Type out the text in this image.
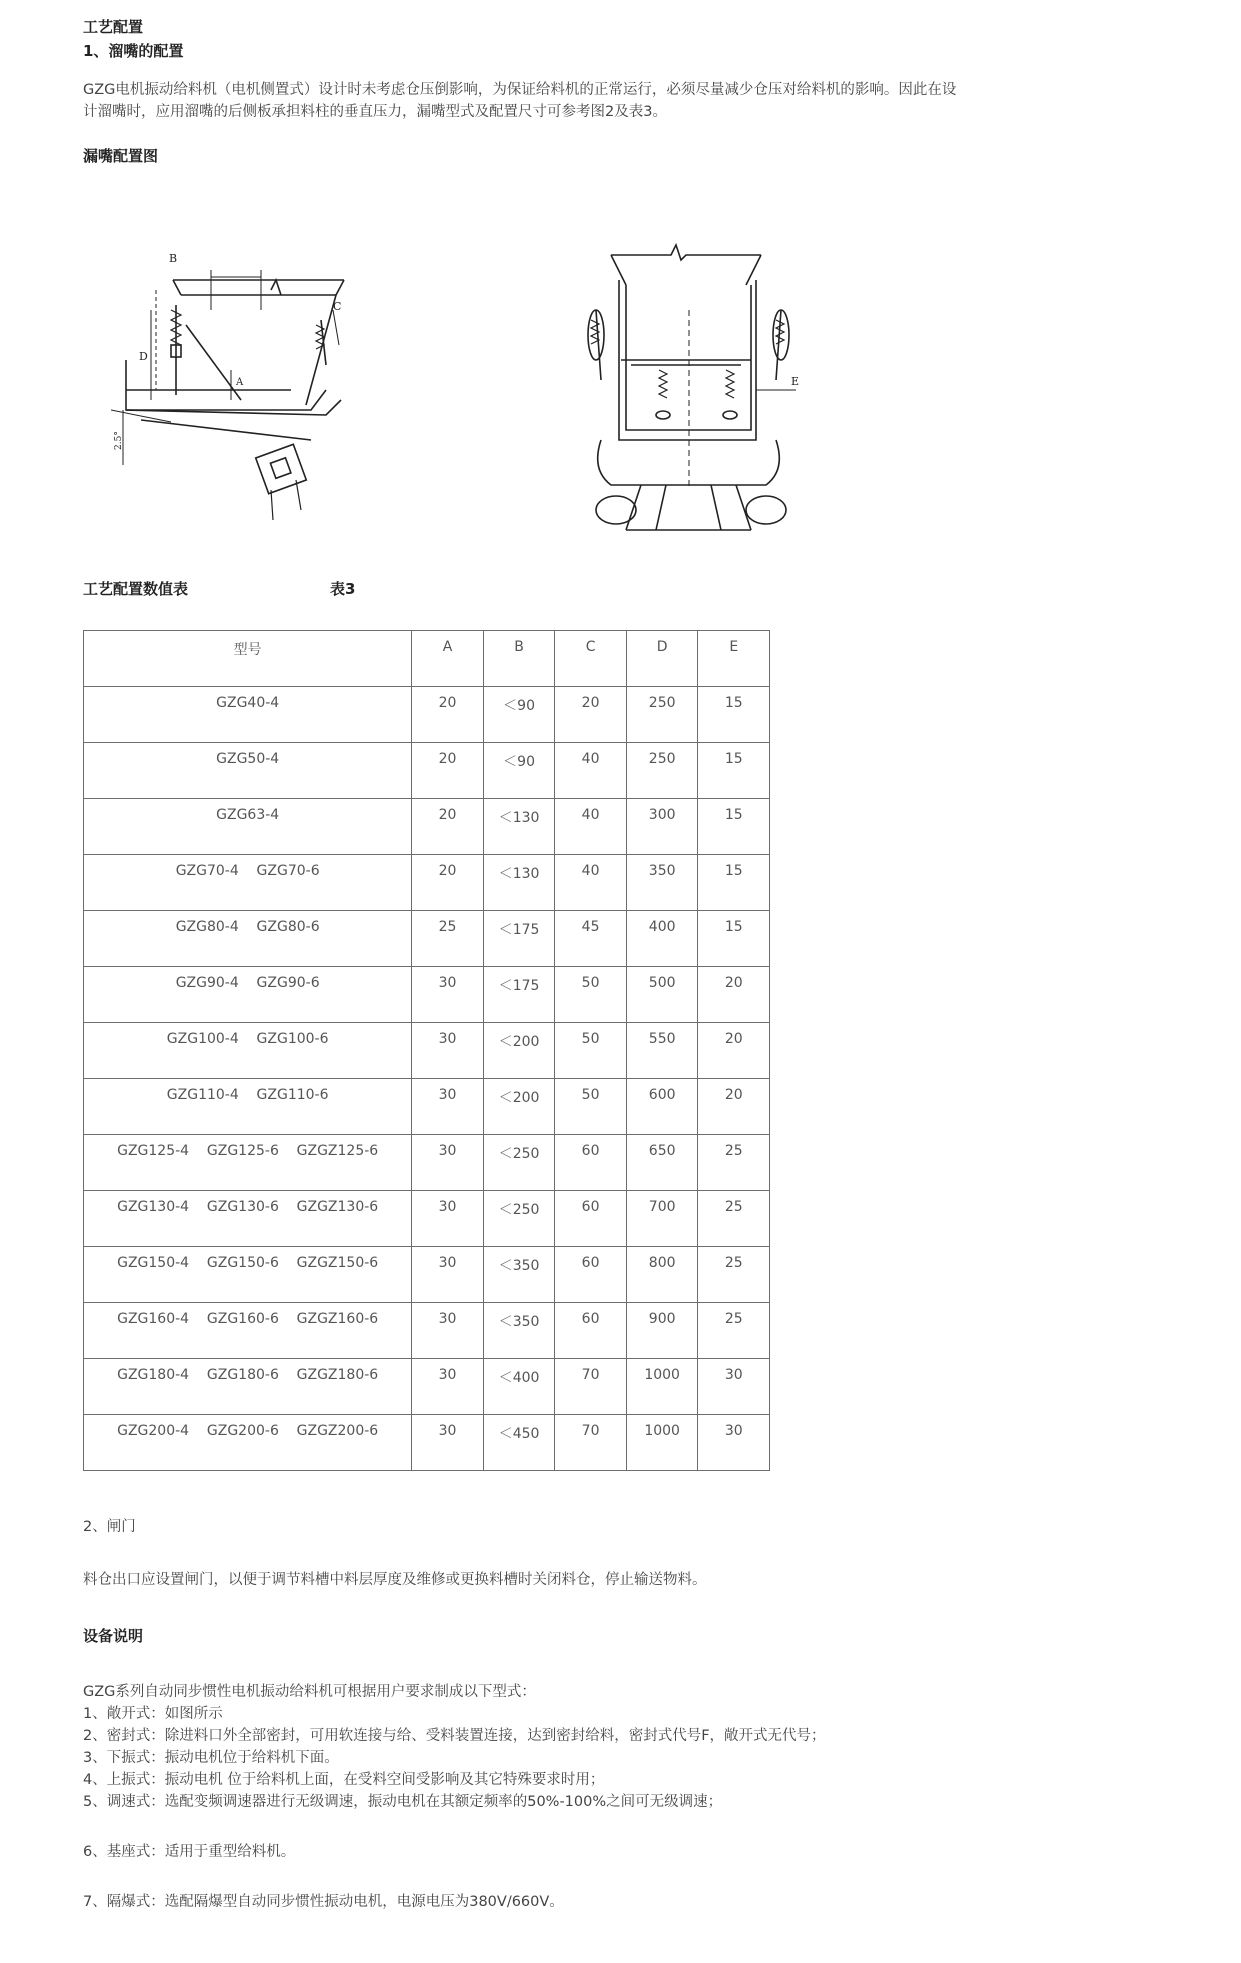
工艺配置
1、溜嘴的配置
GZG电机振动给料机（电机侧置式）设计时未考虑仓压倒影响，为保证给料机的正常运行，必须尽量减少仓压对给料机的影响。因此在设
计溜嘴时，应用溜嘴的后侧板承担料柱的垂直压力，漏嘴型式及配置尺寸可参考图2及表3。
漏嘴配置图
B
D
C
A
2.5°
E
工艺配置数值表	表3
型号	A	B	C	D	E
GZG40-4	20	＜90	20	250	15
GZG50-4	20	＜90	40	250	15
GZG63-4	20	＜130	40	300	15
GZG70-4    GZG70-6	20	＜130	40	350	15
GZG80-4    GZG80-6	25	＜175	45	400	15
GZG90-4    GZG90-6	30	＜175	50	500	20
GZG100-4    GZG100-6	30	＜200	50	550	20
GZG110-4    GZG110-6	30	＜200	50	600	20
GZG125-4    GZG125-6    GZGZ125-6	30	＜250	60	650	25
GZG130-4    GZG130-6    GZGZ130-6	30	＜250	60	700	25
GZG150-4    GZG150-6    GZGZ150-6	30	＜350	60	800	25
GZG160-4    GZG160-6    GZGZ160-6	30	＜350	60	900	25
GZG180-4    GZG180-6    GZGZ180-6	30	＜400	70	1000	30
GZG200-4    GZG200-6    GZGZ200-6	30	＜450	70	1000	30
2、闸门
料仓出口应设置闸门，以便于调节料槽中料层厚度及维修或更换料槽时关闭料仓，停止输送物料。
设备说明
GZG系列自动同步惯性电机振动给料机可根据用户要求制成以下型式：
1、敞开式：如图所示
2、密封式：除进料口外全部密封，可用软连接与给、受料装置连接，达到密封给料，密封式代号F，敞开式无代号；
3、下振式：振动电机位于给料机下面。
4、上振式：振动电机 位于给料机上面，在受料空间受影响及其它特殊要求时用；
5、调速式：选配变频调速器进行无级调速，振动电机在其额定频率的50%-100%之间可无级调速；
6、基座式：适用于重型给料机。
7、隔爆式：选配隔爆型自动同步惯性振动电机，电源电压为380V/660V。
